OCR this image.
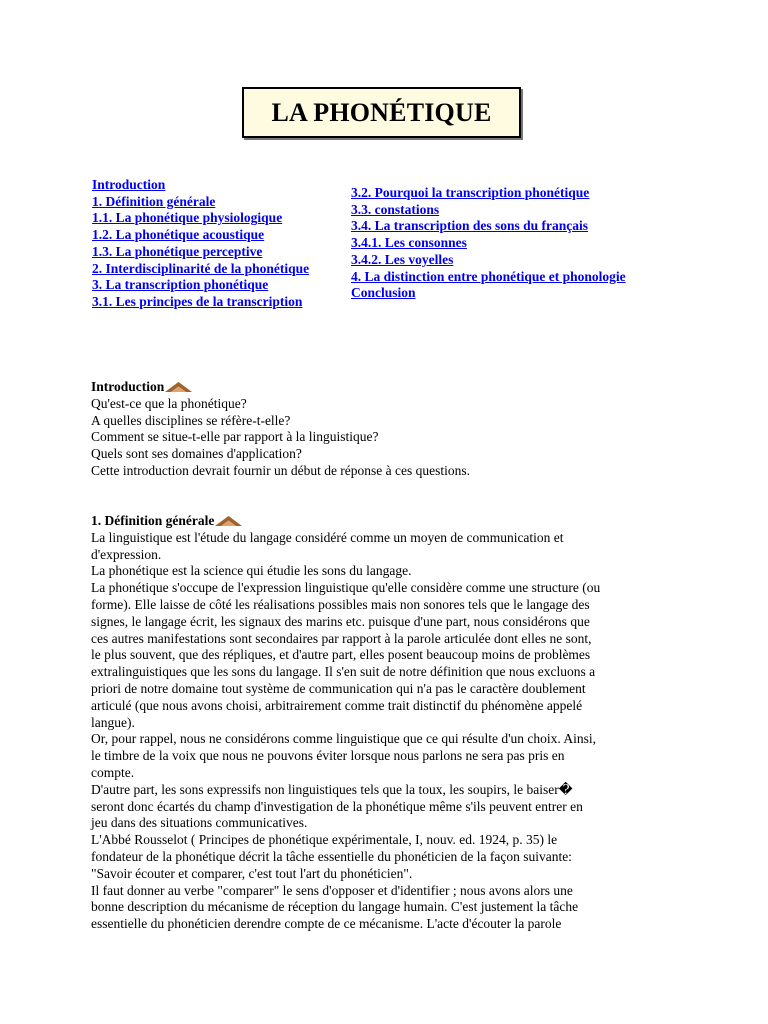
LA PHONÉTIQUE
Introduction
1. Définition générale
1.1. La phonétique physiologique
1.2. La phonétique acoustique
1.3. La phonétique perceptive
2. Interdisciplinarité de la phonétique
3. La transcription phonétique
3.1. Les principes de la transcription
3.2. Pourquoi la transcription phonétique
3.3. constations
3.4. La transcription des sons du français
3.4.1. Les consonnes
3.4.2. Les voyelles
4. La distinction entre phonétique et phonologie
Conclusion
Introduction
Qu'est-ce que la phonétique?
A quelles disciplines se réfère-t-elle?
Comment se situe-t-elle par rapport à la linguistique?
Quels sont ses domaines d'application?
Cette introduction devrait fournir un début de réponse à ces questions.
1. Définition générale
La linguistique est l'étude du langage considéré comme un moyen de communication et
d'expression.
La phonétique est la science qui étudie les sons du langage.
La phonétique s'occupe de l'expression linguistique qu'elle considère comme une structure (ou
forme). Elle laisse de côté les réalisations possibles mais non sonores tels que le langage des
signes, le langage écrit, les signaux des marins etc. puisque d'une part, nous considérons que
ces autres manifestations sont secondaires par rapport à la parole articulée dont elles ne sont,
le plus souvent, que des répliques, et d'autre part, elles posent beaucoup moins de problèmes
extralinguistiques que les sons du langage. Il s'en suit de notre définition que nous excluons a
priori de notre domaine tout système de communication qui n'a pas le caractère doublement
articulé (que nous avons choisi, arbitrairement comme trait distinctif du phénomène appelé
langue).
Or, pour rappel, nous ne considérons comme linguistique que ce qui résulte d'un choix. Ainsi,
le timbre de la voix que nous ne pouvons éviter lorsque nous parlons ne sera pas pris en
compte.
D'autre part, les sons expressifs non linguistiques tels que la toux, les soupirs, le baiser�
seront donc écartés du champ d'investigation de la phonétique même s'ils peuvent entrer en
jeu dans des situations communicatives.
L'Abbé Rousselot ( Principes de phonétique expérimentale, I, nouv. ed. 1924, p. 35) le
fondateur de la phonétique décrit la tâche essentielle du phonéticien de la façon suivante:
"Savoir écouter et comparer, c'est tout l'art du phonéticien".
Il faut donner au verbe "comparer" le sens d'opposer et d'identifier ; nous avons alors une
bonne description du mécanisme de réception du langage humain. C'est justement la tâche
essentielle du phonéticien derendre compte de ce mécanisme. L'acte d'écouter la parole
